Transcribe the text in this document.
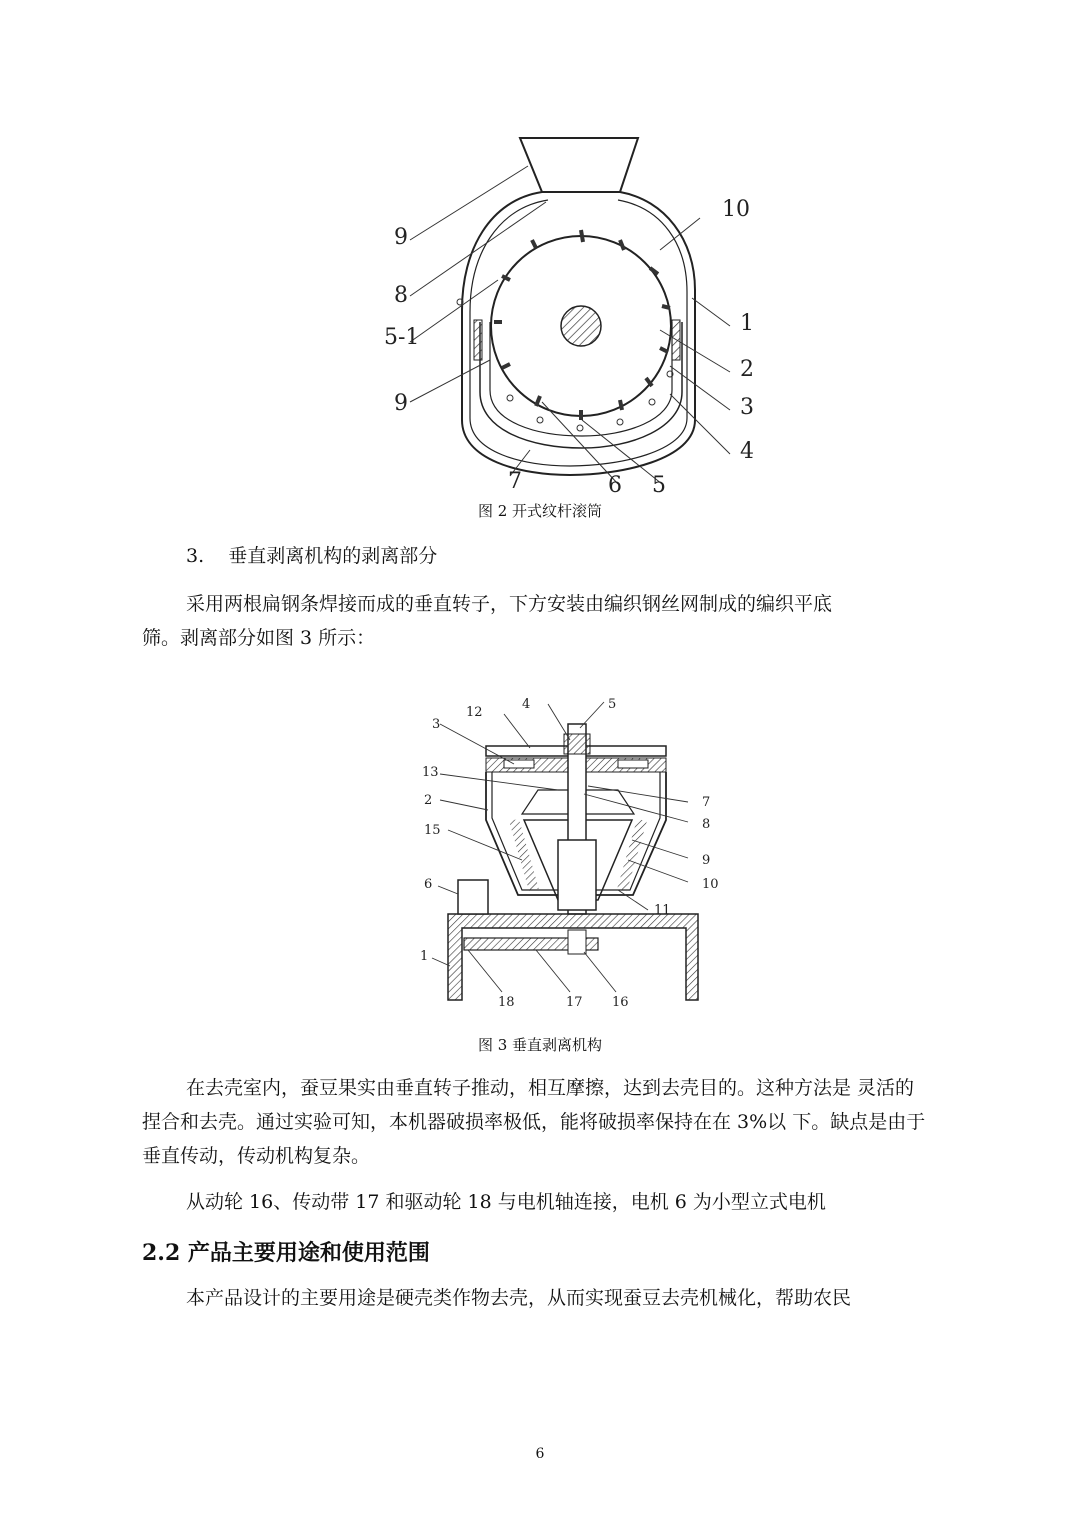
10
9
8
5-1
1
2
9	3
4
7	6 5
图 2 开式纹杆滚筒
3.    垂直剥离机构的剥离部分
采用两根扁钢条焊接而成的垂直转子，下方安装由编织钢丝网制成的编织平底
筛。剥离部分如图 3 所示：
12
4	5
3
13
7
2
8
15
9
10
6
11
1
18	17 16
图 3 垂直剥离机构
在去壳室内，蚕豆果实由垂直转子推动，相互摩擦，达到去壳目的。这种方法是 灵活的
捏合和去壳。通过实验可知，本机器破损率极低，能将破损率保持在在 3%以 下。缺点是由于
垂直传动，传动机构复杂。
从动轮 16、传动带 17 和驱动轮 18 与电机轴连接，电机 6 为小型立式电机
2.2 产品主要用途和使用范围
本产品设计的主要用途是硬壳类作物去壳，从而实现蚕豆去壳机械化，帮助农民
6
